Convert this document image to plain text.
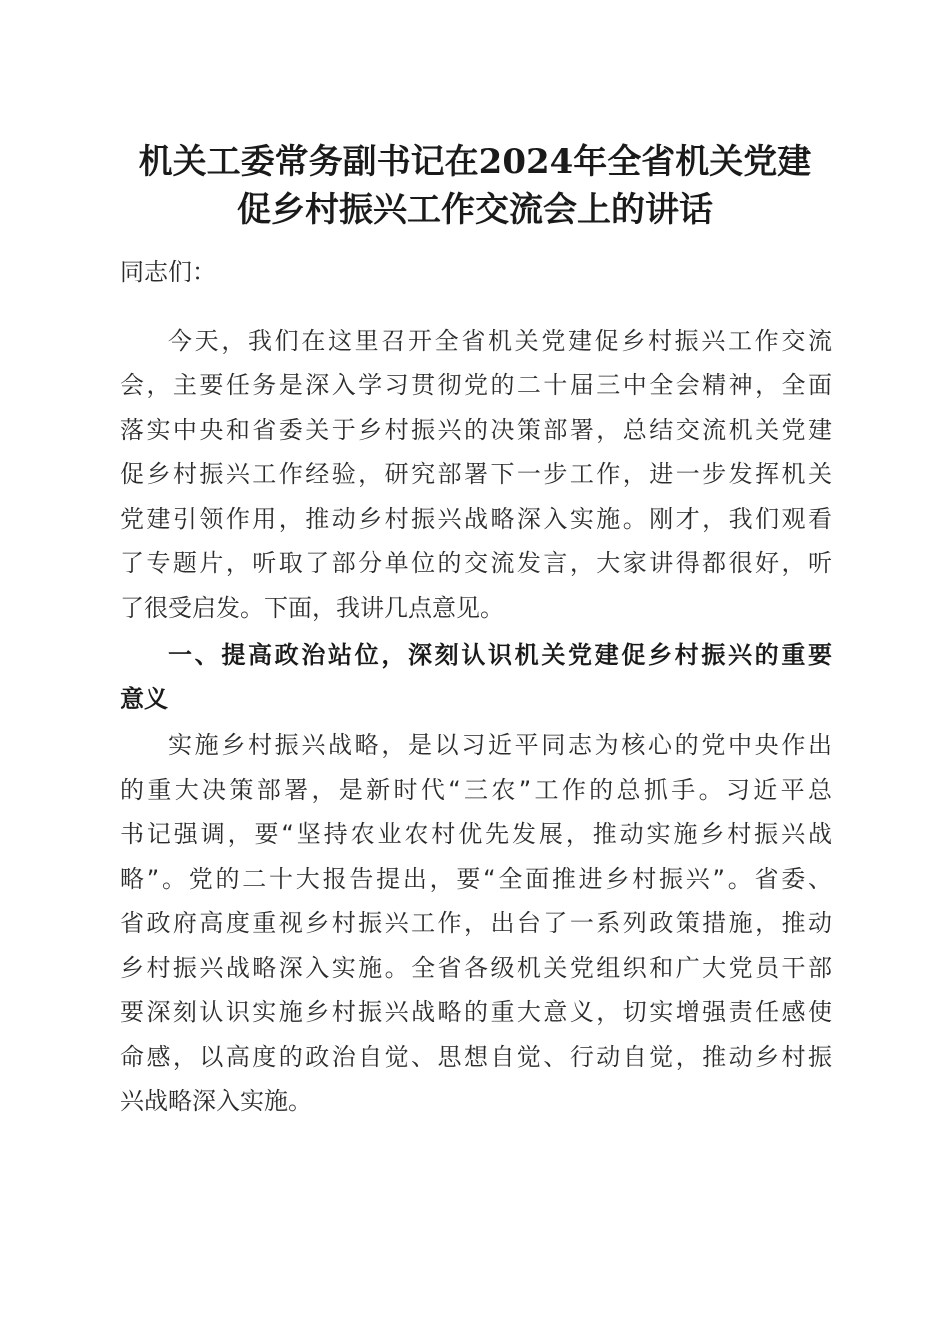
机关工委常务副书记在2024年全省机关党建
促乡村振兴工作交流会上的讲话
同志们：
今天，我们在这里召开全省机关党建促乡村振兴工作交流
会，主要任务是深入学习贯彻党的二十届三中全会精神，全面
落实中央和省委关于乡村振兴的决策部署，总结交流机关党建
促乡村振兴工作经验，研究部署下一步工作，进一步发挥机关
党建引领作用，推动乡村振兴战略深入实施。刚才，我们观看
了专题片，听取了部分单位的交流发言，大家讲得都很好，听
了很受启发。下面，我讲几点意见。
一、提高政治站位，深刻认识机关党建促乡村振兴的重要
意义
实施乡村振兴战略，是以习近平同志为核心的党中央作出
的重大决策部署，是新时代“三农”工作的总抓手。习近平总
书记强调，要“坚持农业农村优先发展，推动实施乡村振兴战
略”。党的二十大报告提出，要“全面推进乡村振兴”。省委、
省政府高度重视乡村振兴工作，出台了一系列政策措施，推动
乡村振兴战略深入实施。全省各级机关党组织和广大党员干部
要深刻认识实施乡村振兴战略的重大意义，切实增强责任感使
命感，以高度的政治自觉、思想自觉、行动自觉，推动乡村振
兴战略深入实施。
